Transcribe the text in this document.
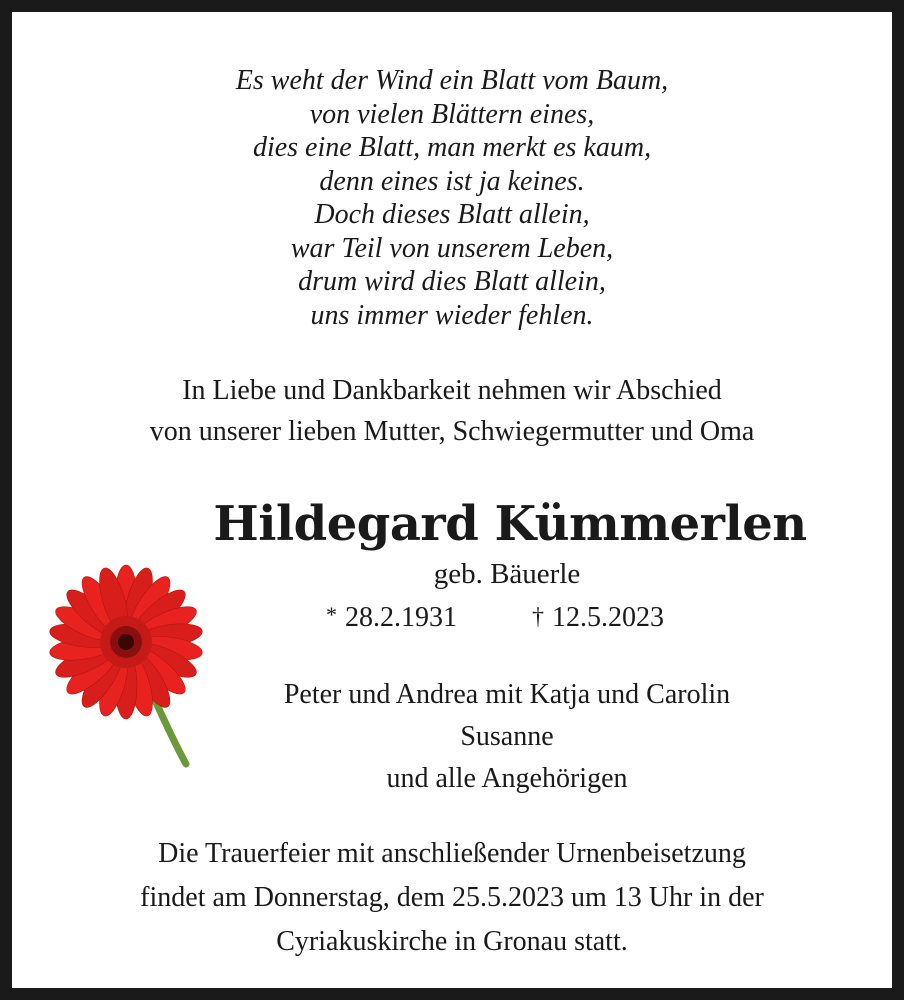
Es weht der Wind ein Blatt vom Baum,
von vielen Blättern eines,
dies eine Blatt, man merkt es kaum,
denn eines ist ja keines.
Doch dieses Blatt allein,
war Teil von unserem Leben,
drum wird dies Blatt allein,
uns immer wieder fehlen.
In Liebe und Dankbarkeit nehmen wir Abschied
von unserer lieben Mutter, Schwiegermutter und Oma
Hildegard Kümmerlen
geb. Bäuerle
* 28.2.1931	† 12.5.2023
Peter und Andrea mit Katja und Carolin
Susanne
und alle Angehörigen
Die Trauerfeier mit anschließender Urnenbeisetzung
findet am Donnerstag, dem 25.5.2023 um 13 Uhr in der
Cyriakuskirche in Gronau statt.
